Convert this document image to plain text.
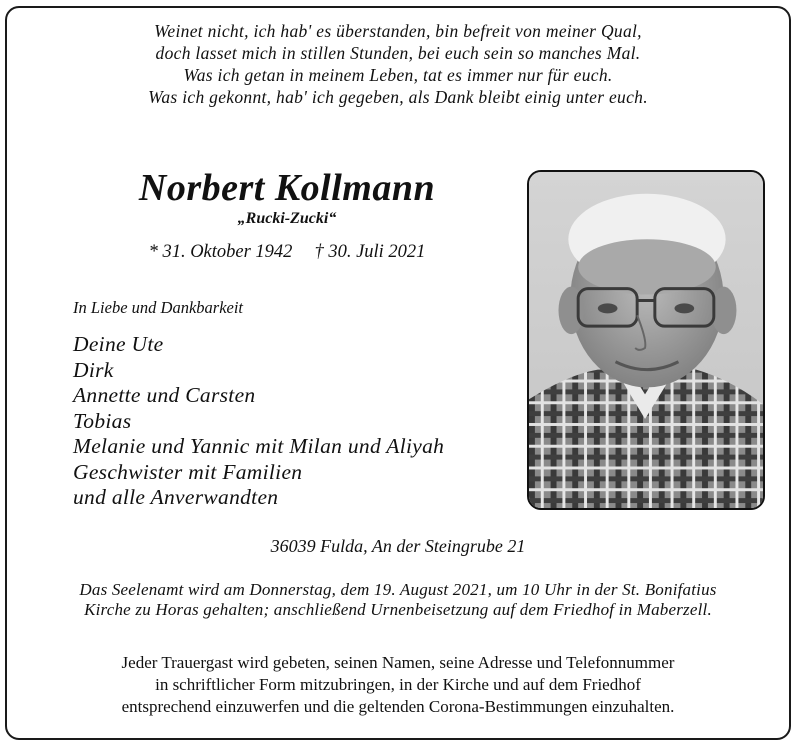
Weinet nicht, ich hab' es überstanden, bin befreit von meiner Qual,
doch lasset mich in stillen Stunden, bei euch sein so manches Mal.
Was ich getan in meinem Leben, tat es immer nur für euch.
Was ich gekonnt, hab' ich gegeben, als Dank bleibt einig unter euch.
Norbert Kollmann
„Rucki-Zucki“
* 31. Oktober 1942 † 30. Juli 2021
In Liebe und Dankbarkeit
Deine Ute
Dirk
Annette und Carsten
Tobias
Melanie und Yannic mit Milan und Aliyah
Geschwister mit Familien
und alle Anverwandten
36039 Fulda, An der Steingrube 21
Das Seelenamt wird am Donnerstag, dem 19. August 2021, um 10 Uhr in der St. Bonifatius
Kirche zu Horas gehalten; anschließend Urnenbeisetzung auf dem Friedhof in Maberzell.
Jeder Trauergast wird gebeten, seinen Namen, seine Adresse und Telefonnummer
in schriftlicher Form mitzubringen, in der Kirche und auf dem Friedhof
entsprechend einzuwerfen und die geltenden Corona-Bestimmungen einzuhalten.
